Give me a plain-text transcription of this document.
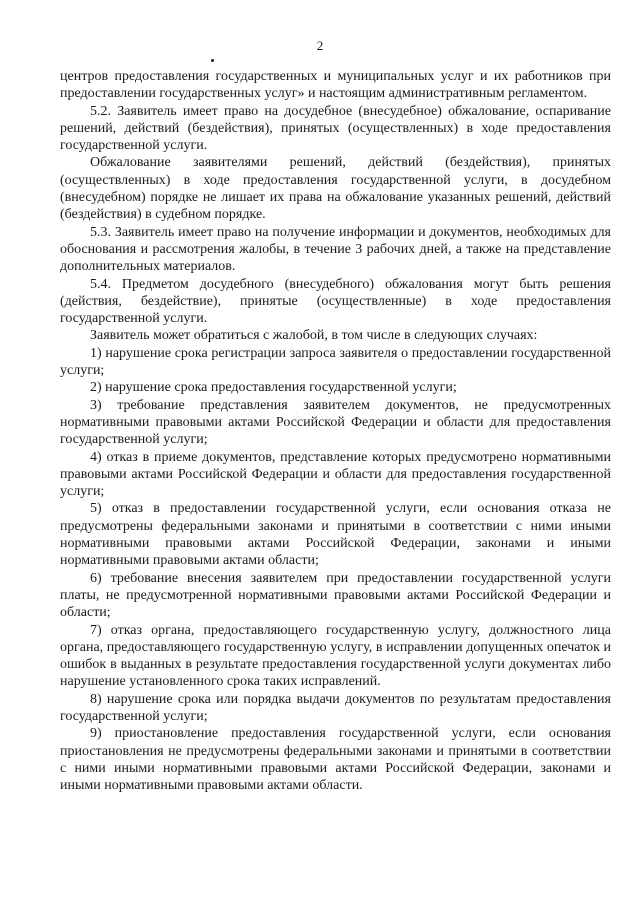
2

центров предоставления государственных и муниципальных услуг и их работников при предоставлении государственных услуг» и настоящим административным регламентом.

5.2. Заявитель имеет право на досудебное (внесудебное) обжалование, оспаривание решений, действий (бездействия), принятых (осуществленных) в ходе предоставления государственной услуги.

Обжалование заявителями решений, действий (бездействия), принятых (осуществленных) в ходе предоставления государственной услуги, в досудебном (внесудебном) порядке не лишает их права на обжалование указанных решений, действий (бездействия) в судебном порядке.

5.3. Заявитель имеет право на получение информации и документов, необходимых для обоснования и рассмотрения жалобы, в течение 3 рабочих дней, а также на представление дополнительных материалов.

5.4. Предметом досудебного (внесудебного) обжалования могут быть решения (действия, бездействие), принятые (осуществленные) в ходе предоставления государственной услуги.

Заявитель может обратиться с жалобой, в том числе в следующих случаях:

1) нарушение срока регистрации запроса заявителя о предоставлении государственной услуги;

2) нарушение срока предоставления государственной услуги;

3) требование представления заявителем документов, не предусмотренных нормативными правовыми актами Российской Федерации и области для предоставления государственной услуги;

4) отказ в приеме документов, представление которых предусмотрено нормативными правовыми актами Российской Федерации и области для предоставления государственной услуги;

5) отказ в предоставлении государственной услуги, если основания отказа не предусмотрены федеральными законами и принятыми в соответствии с ними иными нормативными правовыми актами Российской Федерации, законами и иными нормативными правовыми актами области;

6) требование внесения заявителем при предоставлении государственной услуги платы, не предусмотренной нормативными правовыми актами Российской Федерации и области;

7) отказ органа, предоставляющего государственную услугу, должностного лица органа, предоставляющего государственную услугу, в исправлении допущенных опечаток и ошибок в выданных в результате предоставления государственной услуги документах либо нарушение установленного срока таких исправлений.

8) нарушение срока или порядка выдачи документов по результатам предоставления государственной услуги;

9) приостановление предоставления государственной услуги, если основания приостановления не предусмотрены федеральными законами и принятыми в соответствии с ними иными нормативными правовыми актами Российской Федерации, законами и иными нормативными правовыми актами области.
